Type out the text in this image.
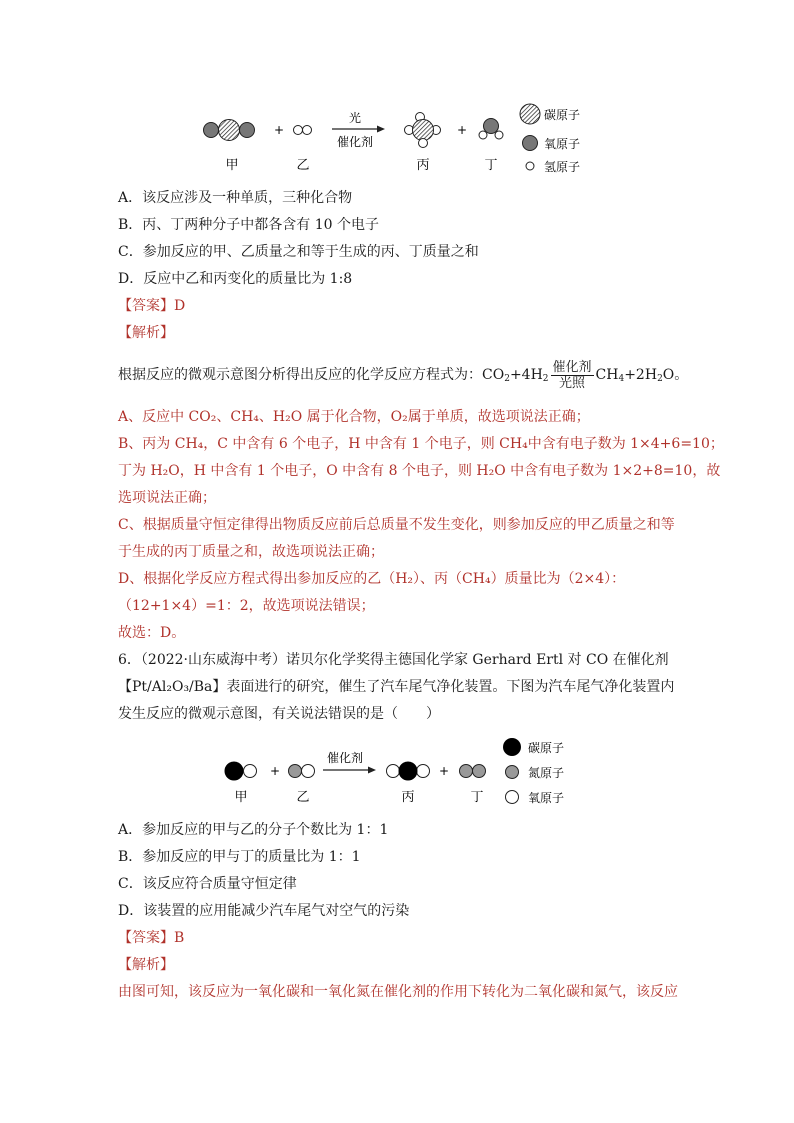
+
光
催化剂
+
甲	乙	丙	丁
碳原子
氧原子
氢原子
A．该反应涉及一种单质，三种化合物
B．丙、丁两种分子中都各含有 10 个电子
C．参加反应的甲、乙质量之和等于生成的丙、丁质量之和
D．反应中乙和丙变化的质量比为 1:8
【答案】D
【解析】
根据反应的微观示意图分析得出反应的化学反应方程式为：$CO_2+4H_2 \frac{\text{催化剂}}{\text{光照}} CH_4+2H_2O$。
A、反应中 CO₂、CH₄、H₂O 属于化合物，O₂属于单质，故选项说法正确；
B、丙为 CH₄，C 中含有 6 个电子，H 中含有 1 个电子，则 CH₄中含有电子数为 1×4+6=10；
丁为 H₂O，H 中含有 1 个电子，O 中含有 8 个电子，则 H₂O 中含有电子数为 1×2+8=10，故
选项说法正确；
C、根据质量守恒定律得出物质反应前后总质量不发生变化，则参加反应的甲乙质量之和等
于生成的丙丁质量之和，故选项说法正确；
D、根据化学反应方程式得出参加反应的乙（H₂）、丙（CH₄）质量比为（2×4）：
（12+1×4）=1：2，故选项说法错误；
故选：D。
6．（2022·山东威海中考）诺贝尔化学奖得主德国化学家 Gerhard Ertl 对 CO 在催化剂
【Pt/Al₂O₃/Ba】表面进行的研究，催生了汽车尾气净化装置。下图为汽车尾气净化装置内
发生反应的微观示意图，有关说法错误的是（　　）
+
催化剂
+
甲	乙	丙	丁
碳原子
氮原子
氧原子
A．参加反应的甲与乙的分子个数比为 1：1
B．参加反应的甲与丁的质量比为 1：1
C．该反应符合质量守恒定律
D．该装置的应用能减少汽车尾气对空气的污染
【答案】B
【解析】
由图可知，该反应为一氧化碳和一氧化氮在催化剂的作用下转化为二氧化碳和氮气，该反应
